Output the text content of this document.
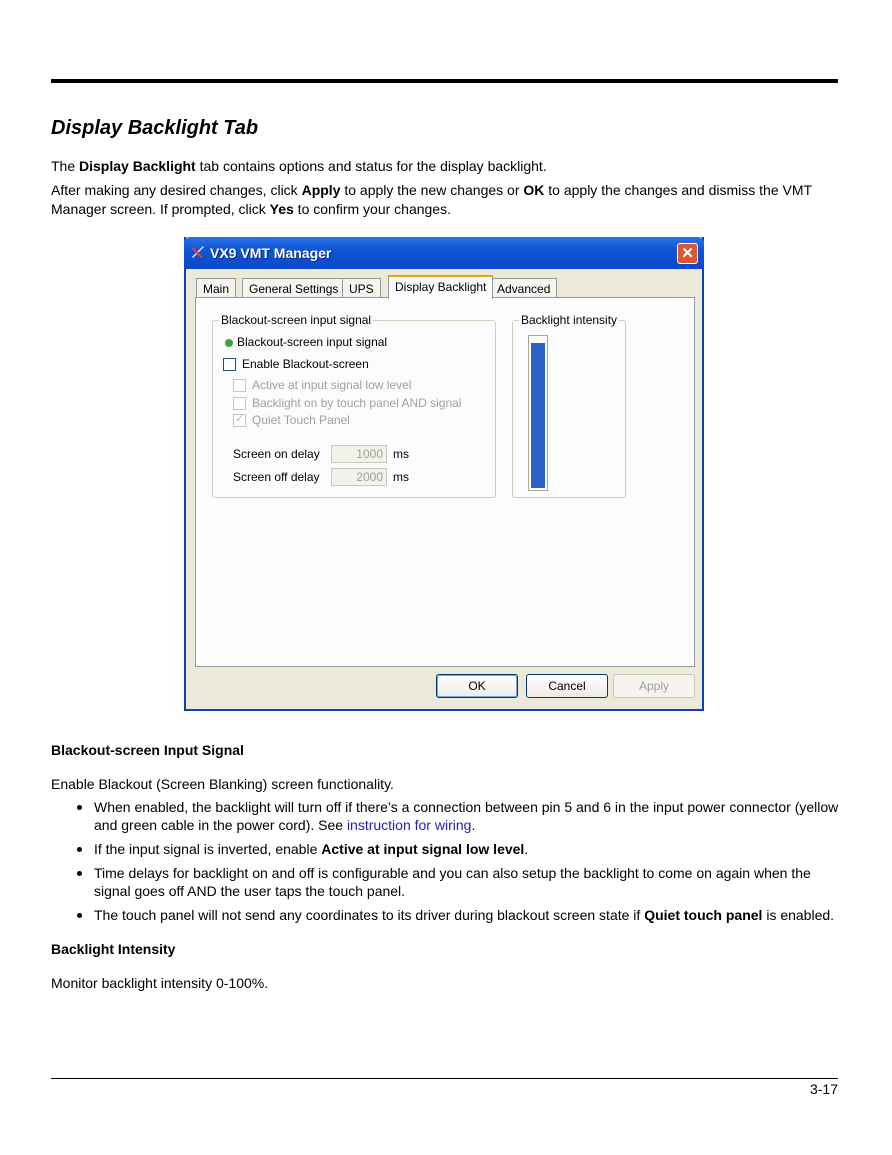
Display Backlight Tab

The Display Backlight tab contains options and status for the display backlight.

After making any desired changes, click Apply to apply the new changes or OK to apply the changes and dismiss the VMT Manager screen. If prompted, click Yes to confirm your changes.

VX9 VMT Manager	✕
Main	General Settings UPS	Display Backlight Advanced
Blackout-screen input signal
Blackout-screen input signal
Enable Blackout-screen
Active at input signal low level
Backlight on by touch panel AND signal
✓ Quiet Touch Panel
Screen on delay	1000 ms
Screen off delay	2000 ms
Backlight intensity
OK	Cancel	Apply
Blackout-screen Input Signal

Enable Blackout (Screen Blanking) screen functionality.

When enabled, the backlight will turn off if there’s a connection between pin 5 and 6 in the input power connector (yellow and green cable in the power cord). See instruction for wiring.
If the input signal is inverted, enable Active at input signal low level.
Time delays for backlight on and off is configurable and you can also setup the backlight to come on again when the signal goes off AND the user taps the touch panel.
The touch panel will not send any coordinates to its driver during blackout screen state if Quiet touch panel is enabled.
Backlight Intensity

Monitor backlight intensity 0-100%.

3-17
